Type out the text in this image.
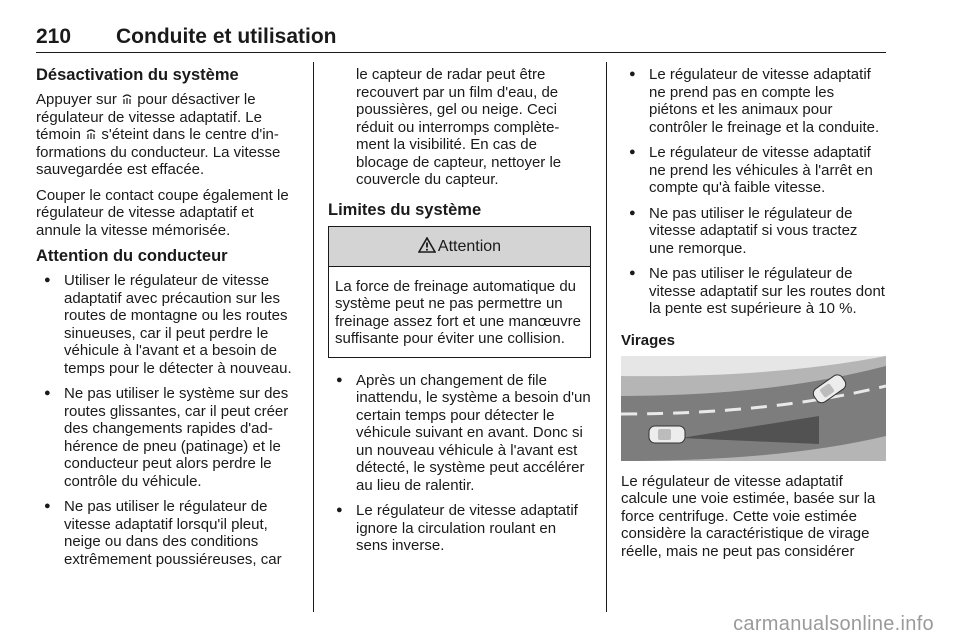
210 Conduite et utilisation
Désactivation du système

Appuyer sur  pour désactiver le régulateur de vitesse adaptatif. Le témoin  s'éteint dans le centre d'in-formations du conducteur. La vitesse sauvegardée est effacée.

Couper le contact coupe également le régulateur de vitesse adaptatif et annule la vitesse mémorisée.

Attention du conducteur
● Utiliser le régulateur de vitesse adaptatif avec précaution sur les routes de montagne ou les routes sinueuses, car il peut perdre le véhicule à l'avant et a besoin de temps pour le détecter à nouveau.
● Ne pas utiliser le système sur des routes glissantes, car il peut créer des changements rapides d'ad-hérence de pneu (patinage) et le conducteur peut alors perdre le contrôle du véhicule.
● Ne pas utiliser le régulateur de vitesse adaptatif lorsqu'il pleut, neige ou dans des conditions extrêmement poussiéreuses, car

le capteur de radar peut être recouvert par un film d'eau, de poussières, gel ou neige. Ceci réduit ou interromps complète-ment la visibilité. En cas de blocage de capteur, nettoyer le couvercle du capteur.

Limites du système
Attention
La force de freinage automatique du système peut ne pas permettre un freinage assez fort et une manœuvre suffisante pour éviter une collision.
● Après un changement de file inattendu, le système a besoin d'un certain temps pour détecter le véhicule suivant en avant. Donc si un nouveau véhicule à l'avant est détecté, le système peut accélérer au lieu de ralentir.
● Le régulateur de vitesse adaptatif ignore la circulation roulant en sens inverse.
● Le régulateur de vitesse adaptatif ne prend pas en compte les piétons et les animaux pour contrôler le freinage et la conduite.
● Le régulateur de vitesse adaptatif ne prend les véhicules à l'arrêt en compte qu'à faible vitesse.
● Ne pas utiliser le régulateur de vitesse adaptatif si vous tractez une remorque.
● Ne pas utiliser le régulateur de vitesse adaptatif sur les routes dont la pente est supérieure à 10 %.
Virages

Le régulateur de vitesse adaptatif calcule une voie estimée, basée sur la force centrifuge. Cette voie estimée considère la caractéristique de virage réelle, mais ne peut pas considérer

carmanualsonline.info
